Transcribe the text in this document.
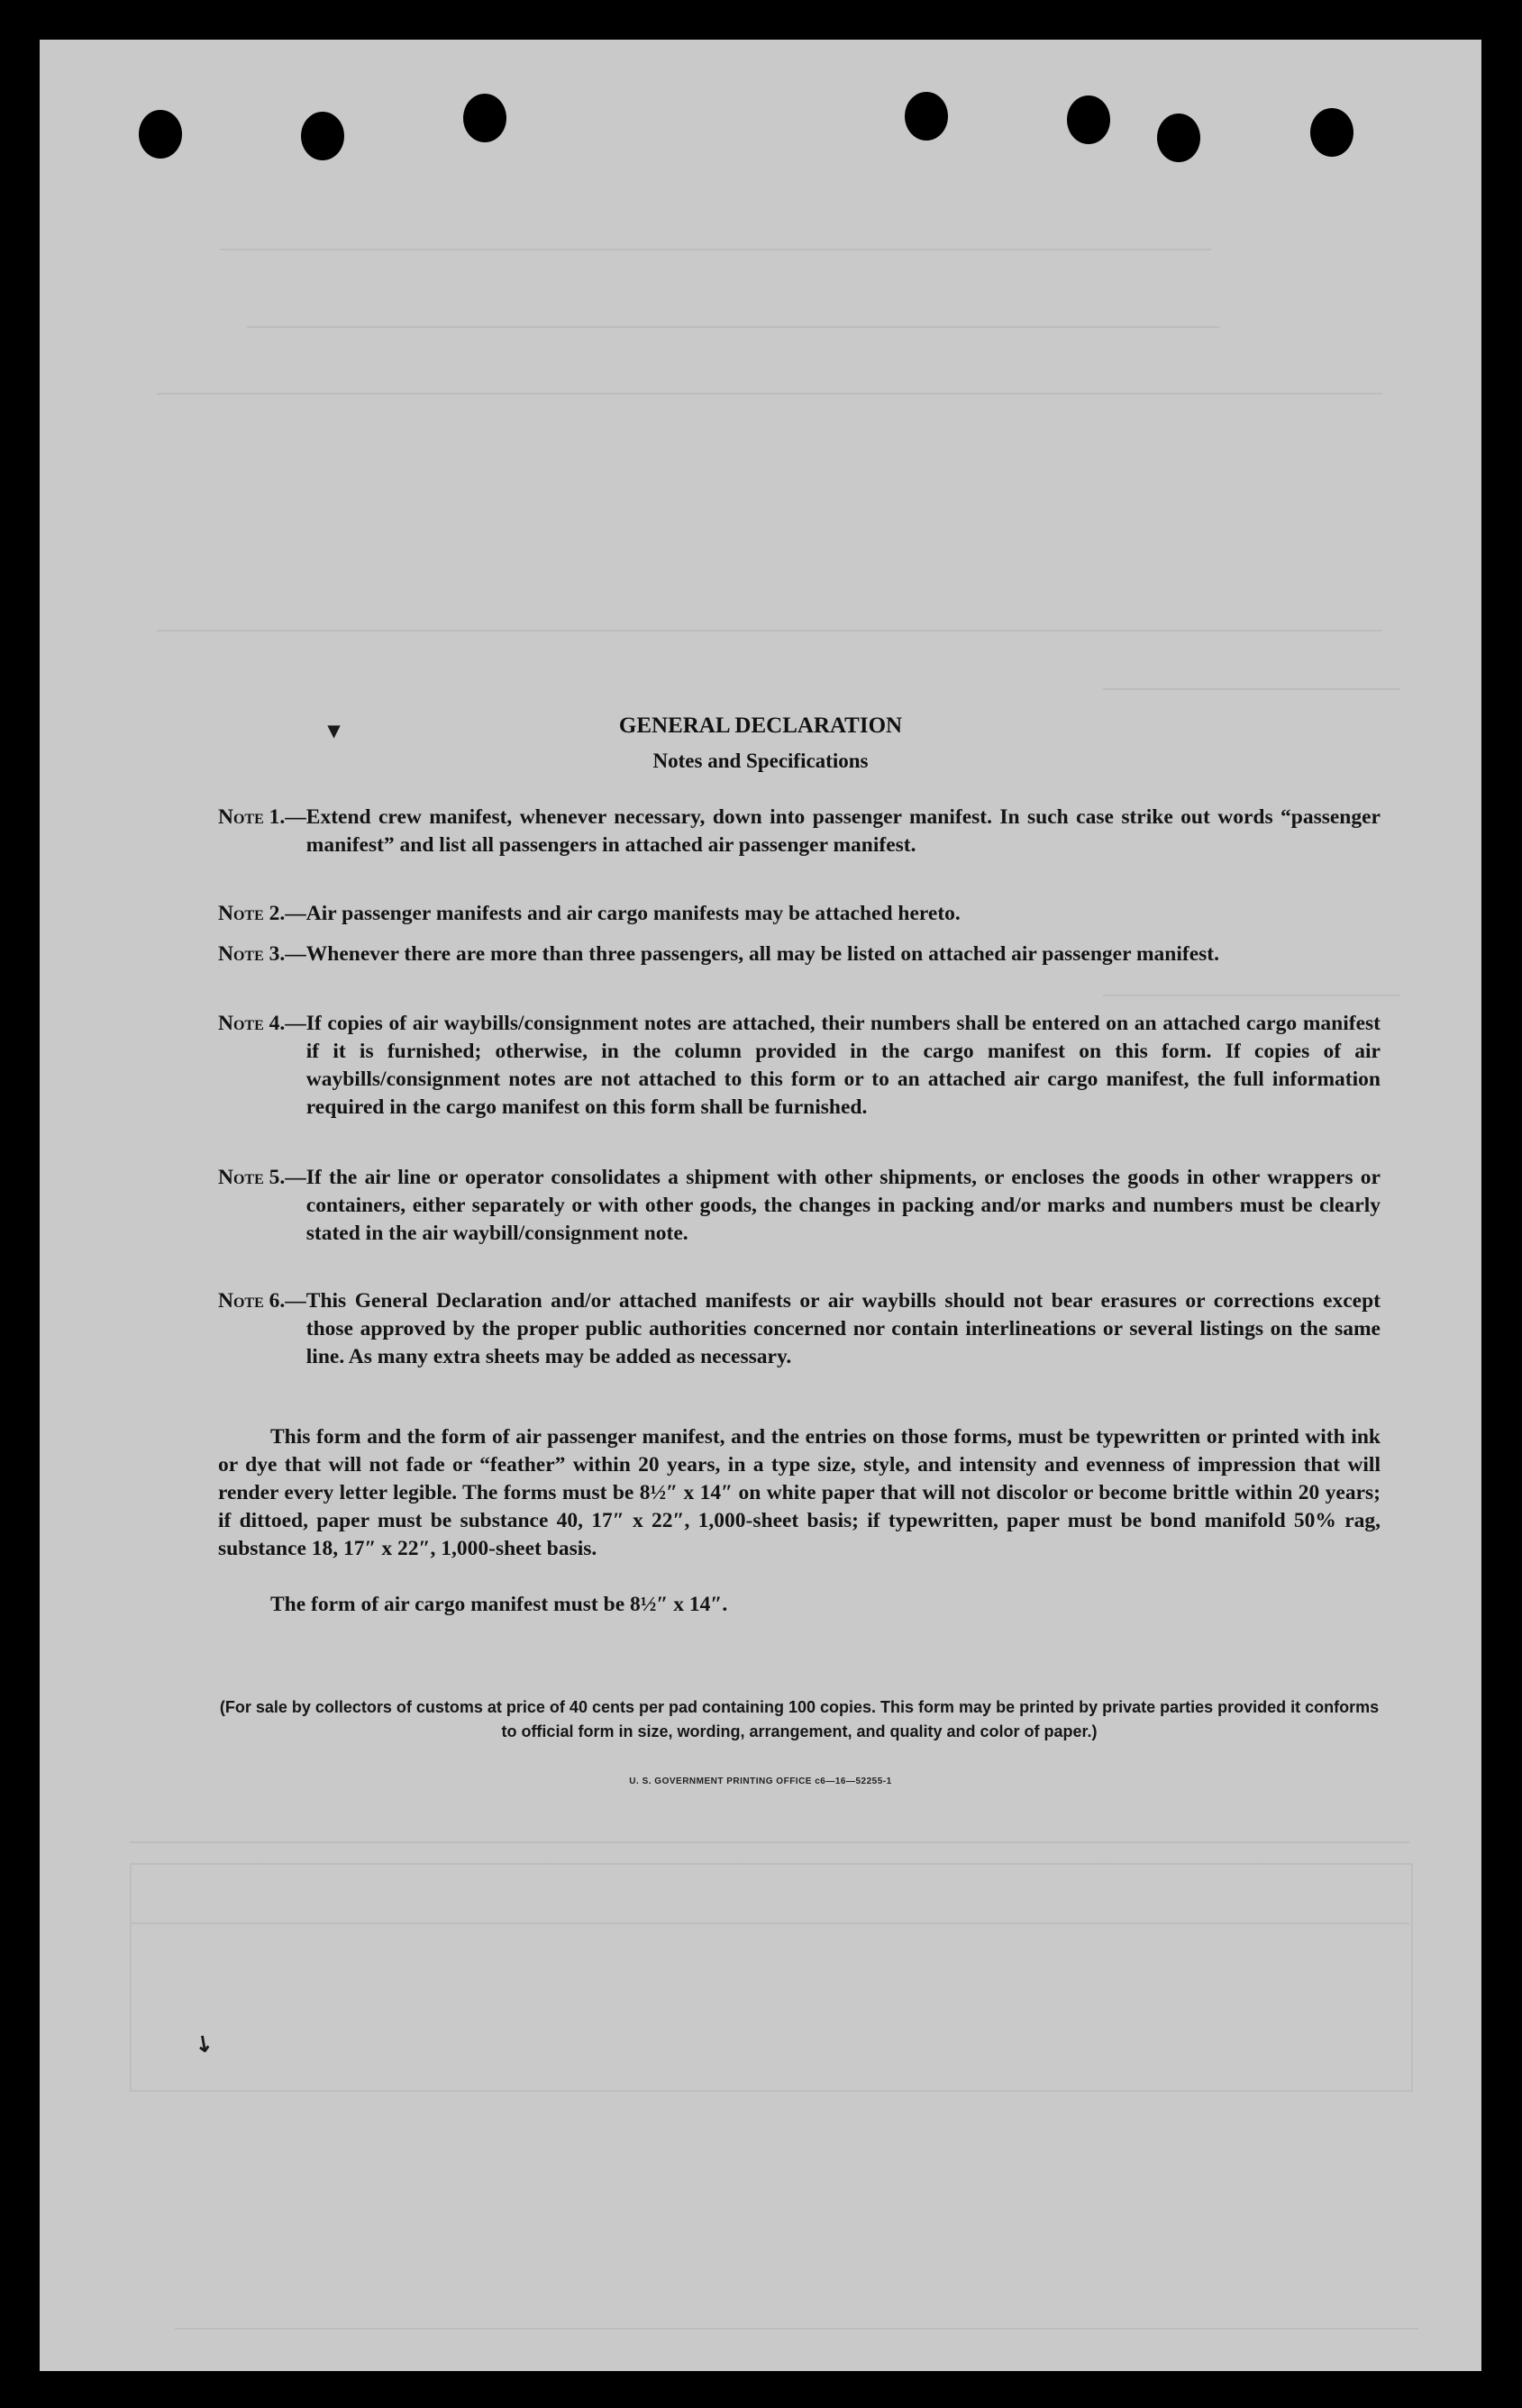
▾
↘
GENERAL DECLARATION
Notes and Specifications
Note 1.— Extend crew manifest, whenever necessary, down into passenger manifest. In such case strike out words “passenger manifest” and list all passengers in attached air passenger manifest.
Note 2.— Air passenger manifests and air cargo manifests may be attached hereto.
Note 3.— Whenever there are more than three passengers, all may be listed on attached air passenger manifest.
Note 4.— If copies of air waybills/consignment notes are attached, their numbers shall be entered on an attached cargo manifest if it is furnished; otherwise, in the column provided in the cargo manifest on this form. If copies of air waybills/consignment notes are not attached to this form or to an attached air cargo manifest, the full information required in the cargo manifest on this form shall be furnished.
Note 5.— If the air line or operator consolidates a shipment with other shipments, or encloses the goods in other wrappers or containers, either separately or with other goods, the changes in packing and/or marks and numbers must be clearly stated in the air waybill/consignment note.
Note 6.— This General Declaration and/or attached manifests or air waybills should not bear erasures or corrections except those approved by the proper public authorities concerned nor contain interlineations or several listings on the same line. As many extra sheets may be added as necessary.
This form and the form of air passenger manifest, and the entries on those forms, must be typewritten or printed with ink or dye that will not fade or “feather” within 20 years, in a type size, style, and intensity and evenness of impression that will render every letter legible. The forms must be 8½″ x 14″ on white paper that will not discolor or become brittle within 20 years; if dittoed, paper must be substance 40, 17″ x 22″, 1,000-sheet basis; if typewritten, paper must be bond manifold 50% rag, substance 18, 17″ x 22″, 1,000-sheet basis.
The form of air cargo manifest must be 8½″ x 14″.
(For sale by collectors of customs at price of 40 cents per pad containing 100 copies. This form may be printed by private parties provided it conforms to official form in size, wording, arrangement, and quality and color of paper.)
U. S. GOVERNMENT PRINTING OFFICE c6—16—52255-1
